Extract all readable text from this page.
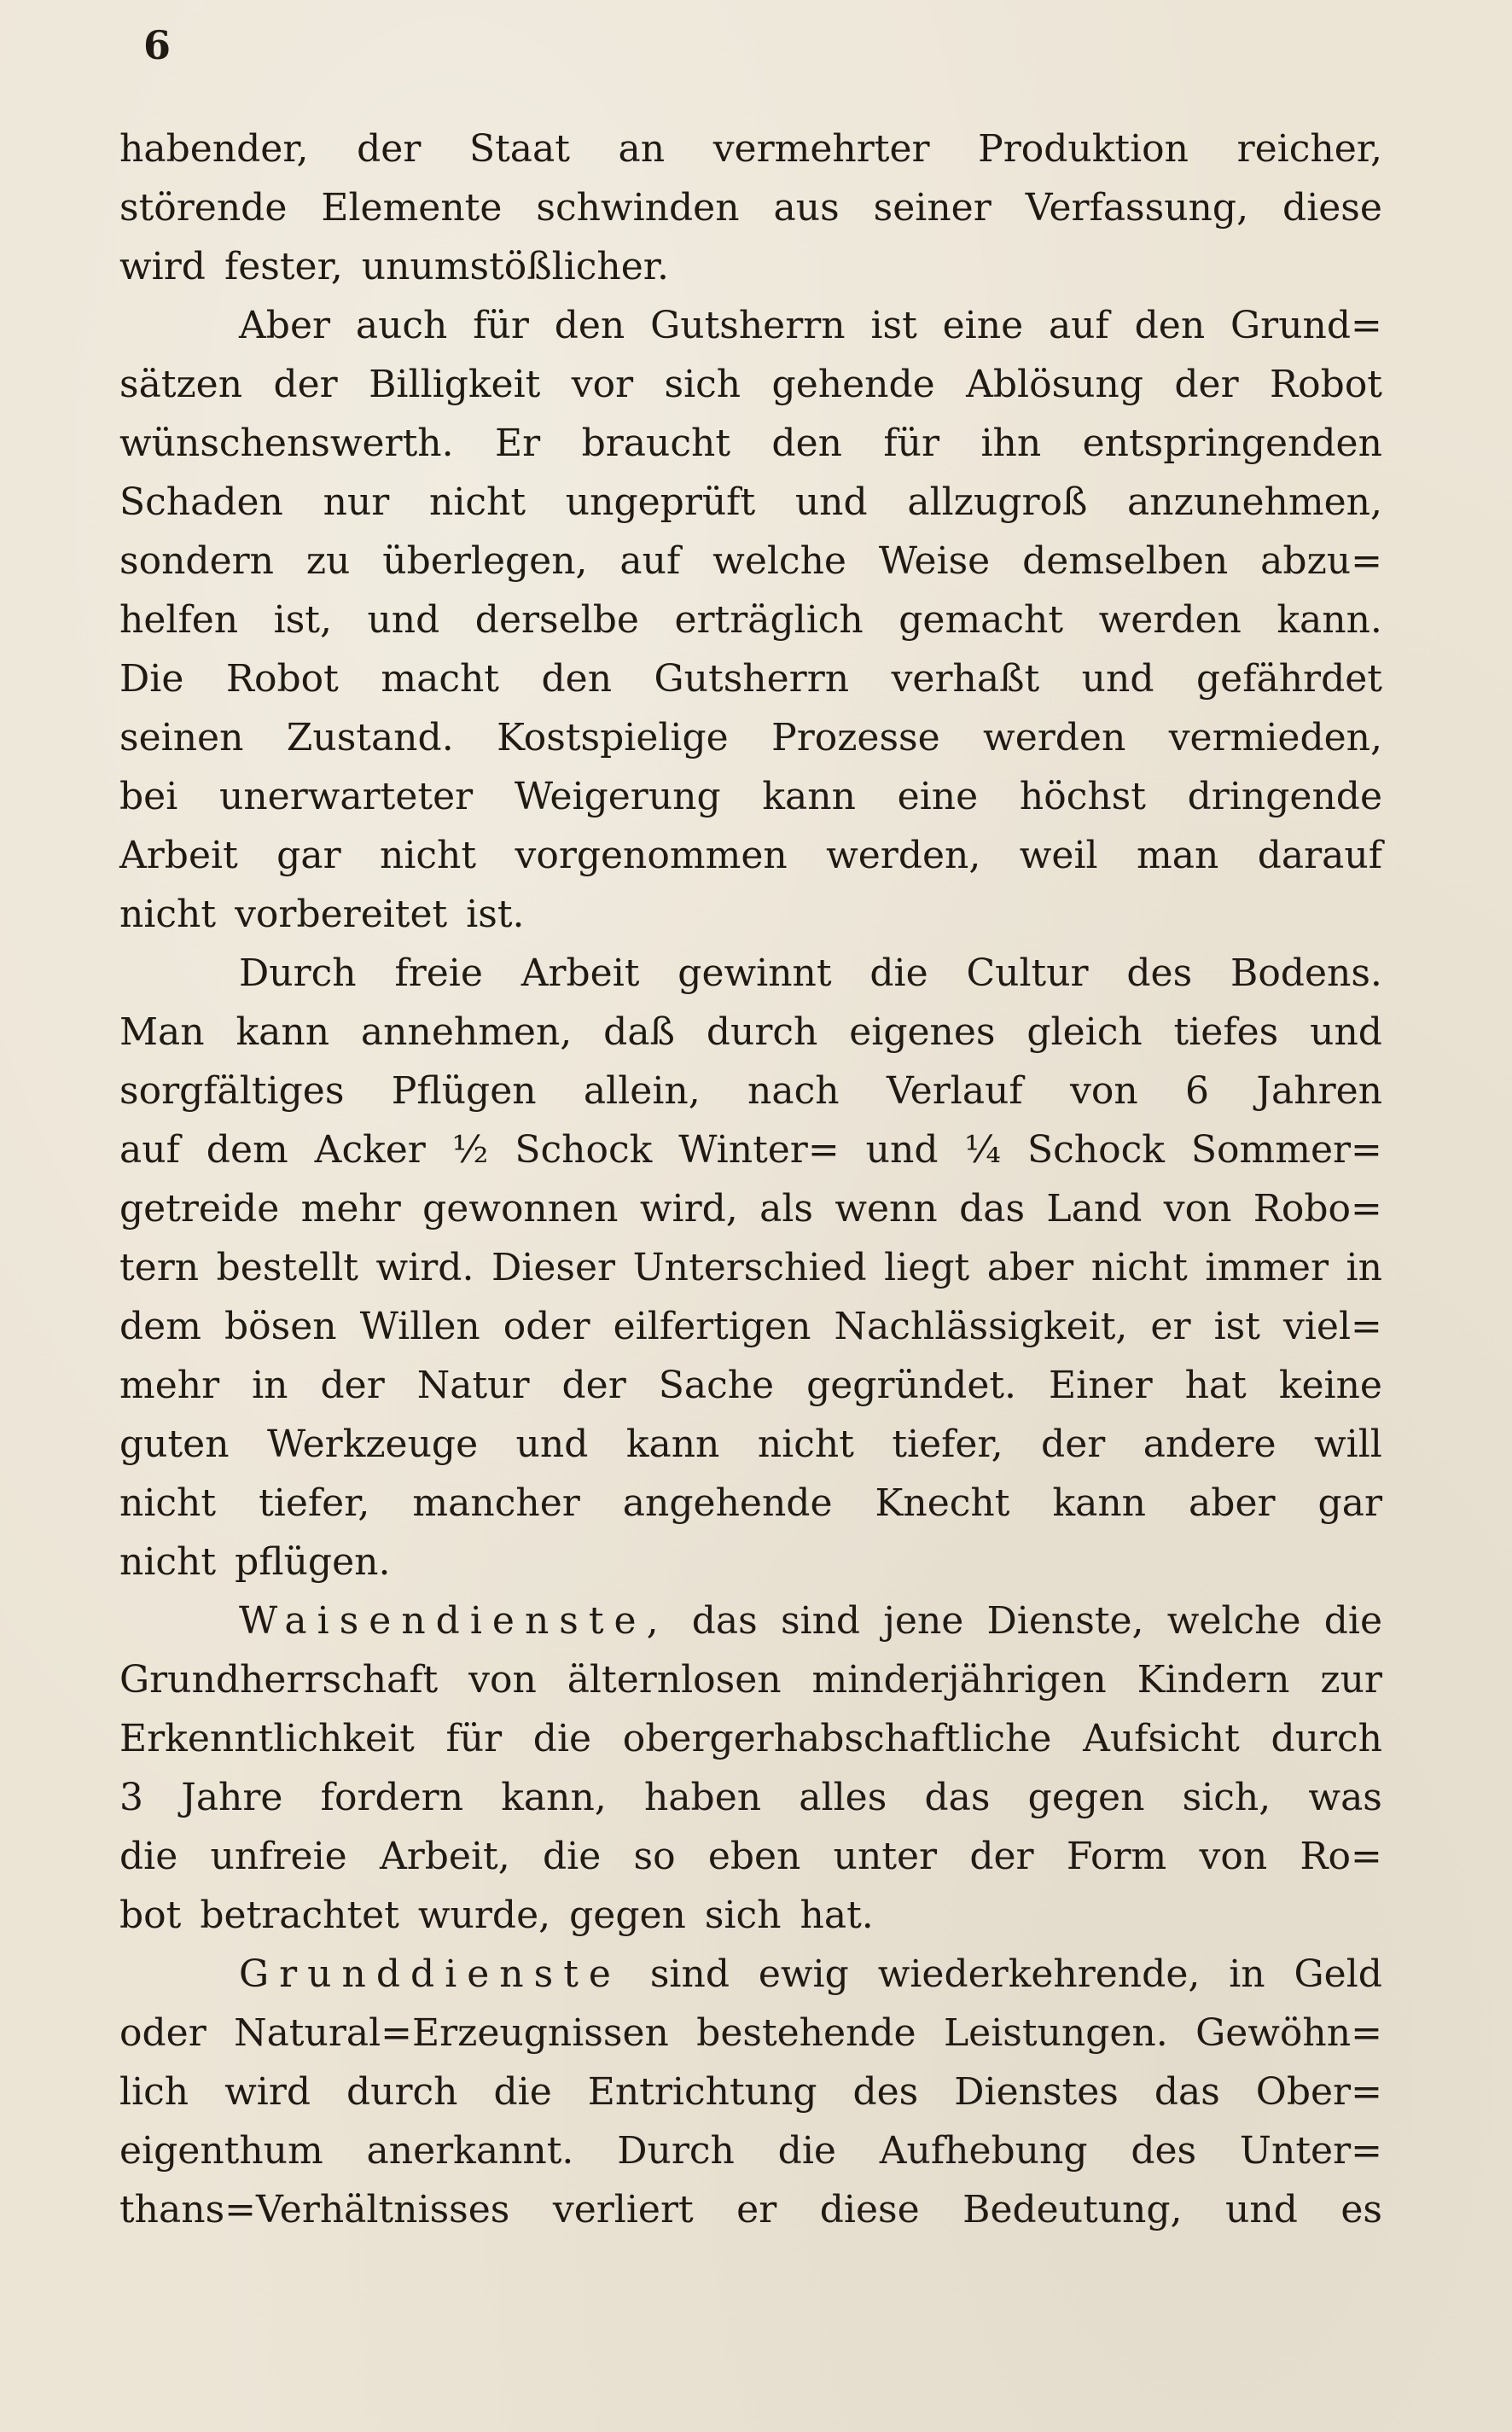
6
habender, der Staat an vermehrter Produktion reicher,
störende Elemente schwinden aus seiner Verfassung, diese
wird fester, unumstößlicher.
Aber auch für den Gutsherrn ist eine auf den Grund=
sätzen der Billigkeit vor sich gehende Ablösung der Robot
wünschenswerth. Er braucht den für ihn entspringenden
Schaden nur nicht ungeprüft und allzugroß anzunehmen,
sondern zu überlegen, auf welche Weise demselben abzu=
helfen ist, und derselbe erträglich gemacht werden kann.
Die Robot macht den Gutsherrn verhaßt und gefährdet
seinen Zustand. Kostspielige Prozesse werden vermieden,
bei unerwarteter Weigerung kann eine höchst dringende
Arbeit gar nicht vorgenommen werden, weil man darauf
nicht vorbereitet ist.
Durch freie Arbeit gewinnt die Cultur des Bodens.
Man kann annehmen, daß durch eigenes gleich tiefes und
sorgfältiges Pflügen allein, nach Verlauf von 6 Jahren
auf dem Acker ½ Schock Winter= und ¼ Schock Sommer=
getreide mehr gewonnen wird, als wenn das Land von Robo=
tern bestellt wird. Dieser Unterschied liegt aber nicht immer in
dem bösen Willen oder eilfertigen Nachlässigkeit, er ist viel=
mehr in der Natur der Sache gegründet. Einer hat keine
guten Werkzeuge und kann nicht tiefer, der andere will
nicht tiefer, mancher angehende Knecht kann aber gar
nicht pflügen.
Waisendienste, das sind jene Dienste, welche die
Grundherrschaft von älternlosen minderjährigen Kindern zur
Erkenntlichkeit für die obergerhabschaftliche Aufsicht durch
3 Jahre fordern kann, haben alles das gegen sich, was
die unfreie Arbeit, die so eben unter der Form von Ro=
bot betrachtet wurde, gegen sich hat.
Grunddienste sind ewig wiederkehrende, in Geld
oder Natural=Erzeugnissen bestehende Leistungen. Gewöhn=
lich wird durch die Entrichtung des Dienstes das Ober=
eigenthum anerkannt. Durch die Aufhebung des Unter=
thans=Verhältnisses verliert er diese Bedeutung, und es
